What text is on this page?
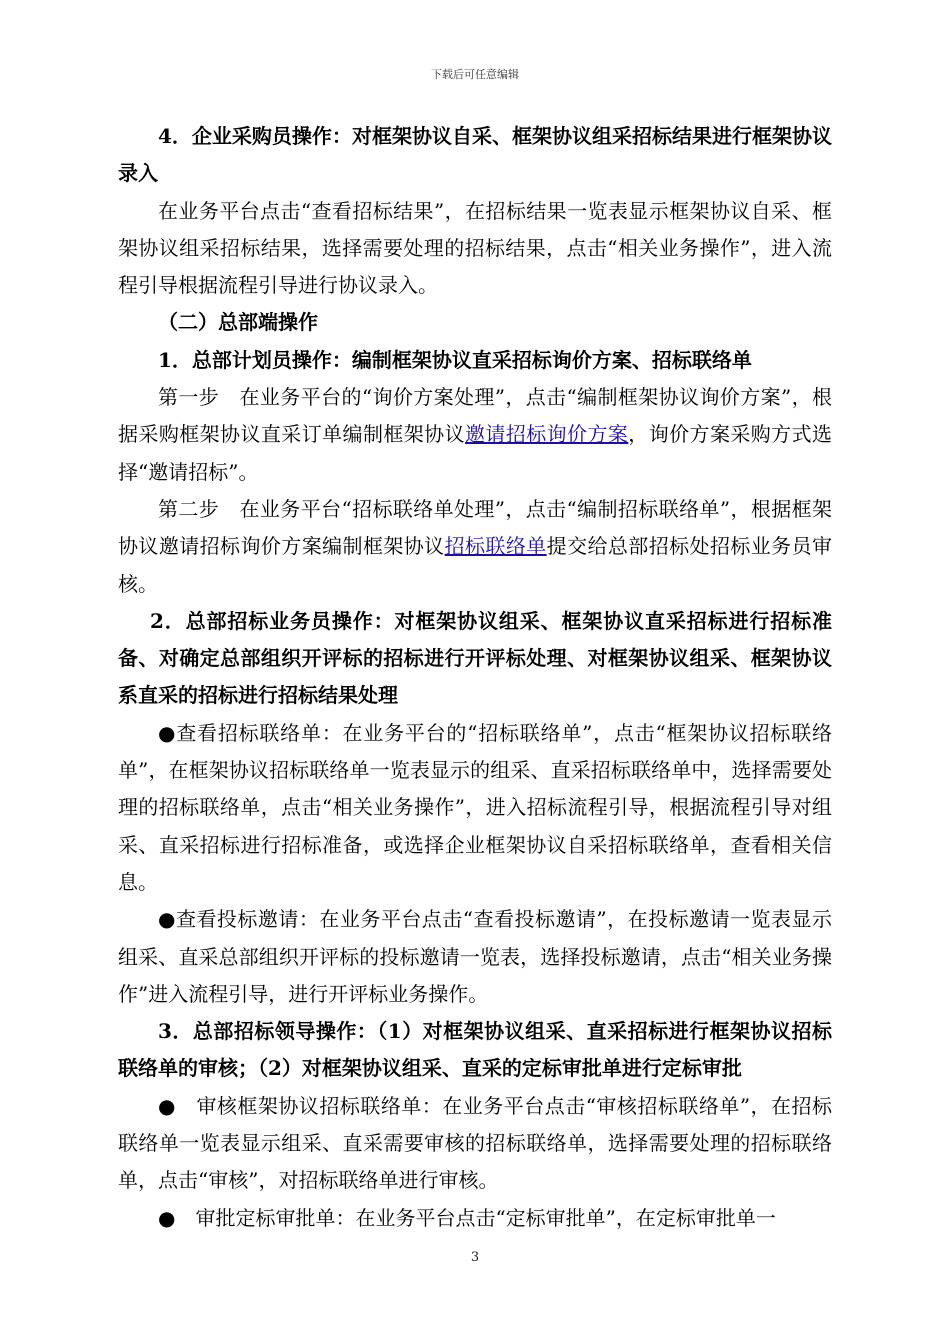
下载后可任意编辑

4．企业采购员操作：对框架协议自采、框架协议组采招标结果进行框架协议录入

在业务平台点击“查看招标结果”，在招标结果一览表显示框架协议自采、框架协议组采招标结果，选择需要处理的招标结果，点击“相关业务操作”，进入流程引导根据流程引导进行协议录入。

（二）总部端操作

1．总部计划员操作：编制框架协议直采招标询价方案、招标联络单

第一步　在业务平台的“询价方案处理”，点击“编制框架协议询价方案”，根据采购框架协议直采订单编制框架协议邀请招标询价方案，询价方案采购方式选择“邀请招标”。

第二步　在业务平台“招标联络单处理”，点击“编制招标联络单”，根据框架协议邀请招标询价方案编制框架协议招标联络单提交给总部招标处招标业务员审核。

2．总部招标业务员操作：对框架协议组采、框架协议直采招标进行招标准备、对确定总部组织开评标的招标进行开评标处理、对框架协议组采、框架协议系直采的招标进行招标结果处理

●查看招标联络单：在业务平台的“招标联络单”，点击“框架协议招标联络单”，在框架协议招标联络单一览表显示的组采、直采招标联络单中，选择需要处理的招标联络单，点击“相关业务操作”，进入招标流程引导，根据流程引导对组采、直采招标进行招标准备，或选择企业框架协议自采招标联络单，查看相关信息。

●查看投标邀请：在业务平台点击“查看投标邀请”，在投标邀请一览表显示组采、直采总部组织开评标的投标邀请一览表，选择投标邀请，点击“相关业务操作”进入流程引导，进行开评标业务操作。

3．总部招标领导操作：（1）对框架协议组采、直采招标进行框架协议招标联络单的审核；（2）对框架协议组采、直采的定标审批单进行定标审批

●　审核框架协议招标联络单：在业务平台点击“审核招标联络单”，在招标联络单一览表显示组采、直采需要审核的招标联络单，选择需要处理的招标联络单，点击“审核”，对招标联络单进行审核。

●　审批定标审批单：在业务平台点击“定标审批单”，在定标审批单一

3
